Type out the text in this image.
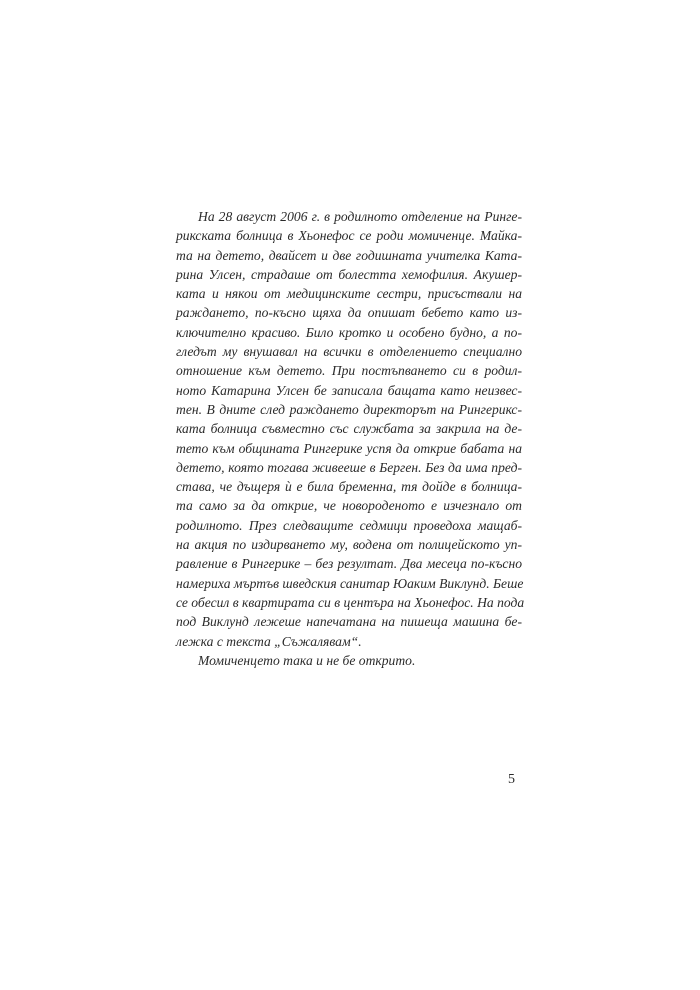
На 28 август 2006 г. в родилното отделение на Ринге-
рикската болница в Хьонефос се роди момиченце. Майка-
та на детето, двайсет и две годишната учителка Ката-
рина Улсен, страдаше от болестта хемофилия. Акушер-
ката и някои от медицинските сестри, присъствали на
раждането, по-късно щяха да опишат бебето като из-
ключително красиво. Било кротко и особено будно, а по-
гледът му внушавал на всички в отделението специално
отношение към детето. При постъпването си в родил-
ното Катарина Улсен бе записала бащата като неизвес-
тен. В дните след раждането директорът на Рингерикс-
ката болница съвместно със службата за закрила на де-
тето към общината Рингерике успя да открие бабата на
детето, която тогава живееше в Берген. Без да има пред-
става, че дъщеря ѝ е била бременна, тя дойде в болница-
та само за да открие, че новороденото е изчезнало от
родилното. През следващите седмици проведоха мащаб-
на акция по издирването му, водена от полицейското уп-
равление в Рингерике – без резултат. Два месеца по-късно
намериха мъртъв шведския санитар Юаким Виклунд. Беше
се обесил в квартирата си в центъра на Хьонефос. На пода
под Виклунд лежеше напечатана на пишеща машина бе-
лежка с текста „Съжалявам“.
Момиченцето така и не бе открито.
5
